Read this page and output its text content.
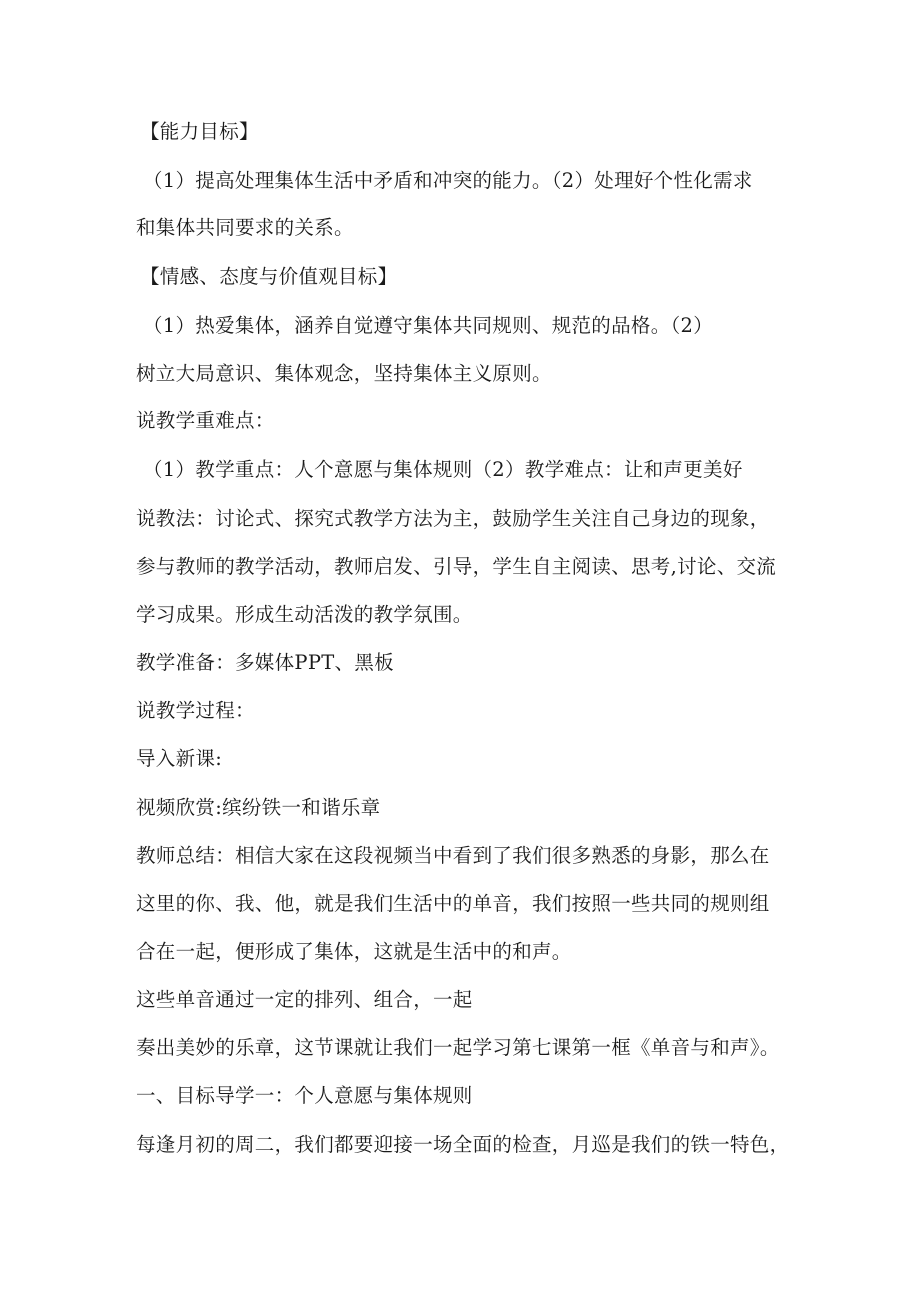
【能力目标】
（1）提高处理集体生活中矛盾和冲突的能力。（2）处理好个性化需求
和集体共同要求的关系。
【情感、态度与价值观目标】
（1）热爱集体，涵养自觉遵守集体共同规则、规范的品格。（2）
树立大局意识、集体观念，坚持集体主义原则。
说教学重难点：
（1）教学重点：人个意愿与集体规则（2）教学难点：让和声更美好
说教法：讨论式、探究式教学方法为主，鼓励学生关注自己身边的现象，
参与教师的教学活动，教师启发、引导，学生自主阅读、思考,讨论、交流
学习成果。形成生动活泼的教学氛围。
教学准备：多媒体PPT、黑板
说教学过程：
导入新课:
视频欣赏:缤纷铁一和谐乐章
教师总结：相信大家在这段视频当中看到了我们很多熟悉的身影，那么在
这里的你、我、他，就是我们生活中的单音，我们按照一些共同的规则组
合在一起，便形成了集体，这就是生活中的和声。
这些单音通过一定的排列、组合，一起
奏出美妙的乐章，这节课就让我们一起学习第七课第一框《单音与和声》。
一、目标导学一：个人意愿与集体规则
每逢月初的周二，我们都要迎接一场全面的检查，月巡是我们的铁一特色，
